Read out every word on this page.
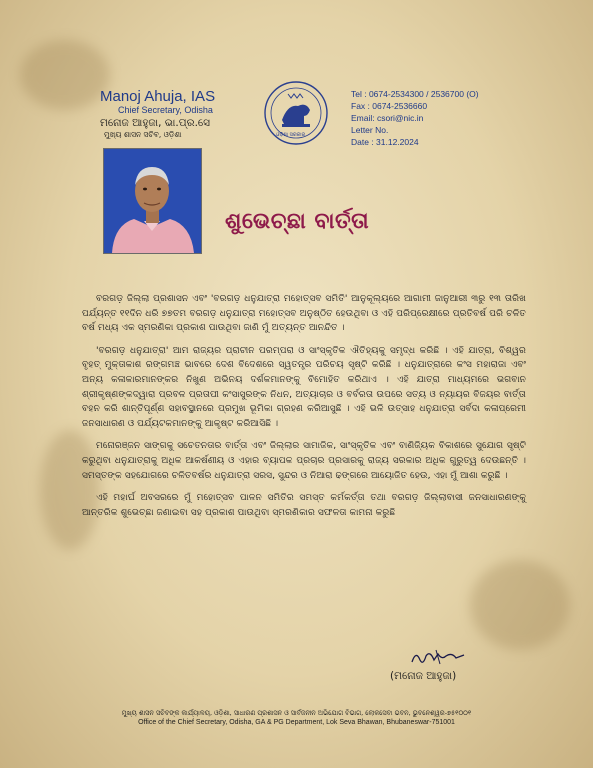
Manoj Ahuja, IAS

Chief Secretary, Odisha

ମନୋଜ ଆହୁଜା, ଭା.ପ୍ର.ସେ

ମୁଖ୍ୟ ଶାସନ ସଚିବ, ଓଡ଼ିଶା	ଓଡ଼ିଶା ସରକାର
Tel : 0674-2534300 / 2536700 (O)
Fax : 0674-2536660
Email: csori@nic.in
Letter No.
Date : 31.12.2024
ଶୁଭେଚ୍ଛା ବାର୍ତ୍ତା

ବରଗଡ଼ ଜିଲ୍ଲା ପ୍ରଶାସନ ଏବଂ 'ବରଗଡ଼ ଧନୁଯାତ୍ରା ମହୋତ୍ସବ ସମିତି' ଆନୁକୂଲ୍ୟରେ ଆଗାମୀ ଜାନୁଆରୀ ୩ରୁ ୧୩ ତାରିଖ ପର୍ଯ୍ୟନ୍ତ ୧୧ଦିନ ଧରି ୭୭ତମ ବରଗଡ଼ ଧନୁଯାତ୍ରା ମହୋତ୍ସବ ଅନୁଷ୍ଠିତ ହେଉଥିବା ଓ ଏହି ପରିପ୍ରେକ୍ଷୀରେ ପ୍ରତିବର୍ଷ ପରି ଚଳିତ ବର୍ଷ ମଧ୍ୟ ଏକ ସ୍ମରଣିକା ପ୍ରକାଶ ପାଉଥିବା ଜାଣି ମୁଁ ଅତ୍ୟନ୍ତ ଆନନ୍ଦିତ ।

'ବରଗଡ଼ ଧନୁଯାତ୍ରା' ଆମ ରାଜ୍ୟର ପ୍ରାଚୀନ ପରମ୍ପରା ଓ ସାଂସ୍କୃତିକ ଐତିହ୍ୟକୁ ସମୃଦ୍ଧ କରିଛି । ଏହି ଯାତ୍ରା, ବିଶ୍ୱର ବୃହତ୍ ମୁକ୍ତାକାଶ ରଙ୍ଗମଞ୍ଚ ଭାବରେ ଦେଶ ବିଦେଶରେ ସ୍ୱତନ୍ତ୍ର ପରିଚୟ ସୃଷ୍ଟି କରିଛି । ଧନୁଯାତ୍ରାରେ କଂସ ମହାରାଜା ଏବଂ ଅନ୍ୟ କଳାକାରମାନଙ୍କର ନିଖୁଣ ଅଭିନୟ ଦର୍ଶକମାନଙ୍କୁ ବିମୋହିତ କରିଥାଏ । ଏହି ଯାତ୍ରା ମାଧ୍ୟମରେ ଭଗବାନ ଶ୍ରୀକୃଷ୍ଣଙ୍କଦ୍ୱାରା ପ୍ରବଳ ପ୍ରତାପୀ କଂସାସୁରଙ୍କ ନିଧନ, ଅତ୍ୟାଚାର ଓ ବର୍ବରତା ଉପରେ ସତ୍ୟ ଓ ନ୍ୟାୟର ବିଜୟର ବାର୍ତ୍ତା ବହନ କରି ଶାନ୍ତିପୂର୍ଣ୍ଣ ସହାବସ୍ଥାନରେ ପ୍ରମୁଖ ଭୂମିକା ଗ୍ରହଣ କରିଆସୁଛି । ଏହି ଭଳି ଉତ୍ସାହ ଧନୁଯାତ୍ରା ସର୍ବଦା କଳାପ୍ରେମୀ ଜନସାଧାରଣ ଓ ପର୍ଯ୍ୟଟକମାନଙ୍କୁ ଆକୃଷ୍ଟ କରିଆସିଛି ।

ମନୋରଞ୍ଜନ ସାଙ୍ଗକୁ ସଚେତନତାର ବାର୍ତ୍ତା ଏବଂ ଜିଲ୍ଲାର ସାମାଜିକ, ସାଂସ୍କୃତିକ ଏବଂ ବାଣିଜ୍ୟିକ ବିକାଶରେ ସୁଯୋଗ ସୃଷ୍ଟି କରୁଥିବା ଧନୁଯାତ୍ରାକୁ ଅଧିକ ଆକର୍ଷଣୀୟ ଓ ଏହାର ବ୍ୟାପକ ପ୍ରଚାର ପ୍ରସାରକୁ ରାଜ୍ୟ ସରକାର ଅଧିକ ଗୁରୁତ୍ୱ ଦେଉଛନ୍ତି । ସମସ୍ତଙ୍କ ସହଯୋଗରେ ଚଳିତବର୍ଷର ଧନୁଯାତ୍ରା ସରସ, ସୁନ୍ଦର ଓ ନିଆରା ଢଙ୍ଗରେ ଆୟୋଜିତ ହେଉ, ଏହା ମୁଁ ଆଶା କରୁଛି ।

ଏହି ମହାର୍ଘ ଅବସରରେ ମୁଁ ମହୋତ୍ସବ ପାଳନ ସମିତିର ସମସ୍ତ କର୍ମକର୍ତ୍ତା ତଥା ବରଗଡ଼ ଜିଲ୍ଲାବାସୀ ଜନସାଧାରଣଙ୍କୁ ଆନ୍ତରିକ ଶୁଭେଚ୍ଛା ଜଣାଇବା ସହ ପ୍ରକାଶ ପାଉଥିବା ସ୍ମରଣିକାର ସଫଳତା କାମନା କରୁଛି

(ମନୋଜ ଆହୁଜା)
ମୁଖ୍ୟ ଶାସନ ସଚିବଙ୍କ କାର୍ଯ୍ୟାଳୟ, ଓଡ଼ିଶା, ସାଧାରଣ ପ୍ରଶାସନ ଓ ସାର୍ବଜନୀନ ଅଭିଯୋଗ ବିଭାଗ, ଲୋକସେବା ଭବନ, ଭୁବନେଶ୍ୱର-୭୫୧୦୦୧
Office of the Chief Secretary, Odisha, GA & PG Department, Lok Seva Bhawan, Bhubaneswar-751001
